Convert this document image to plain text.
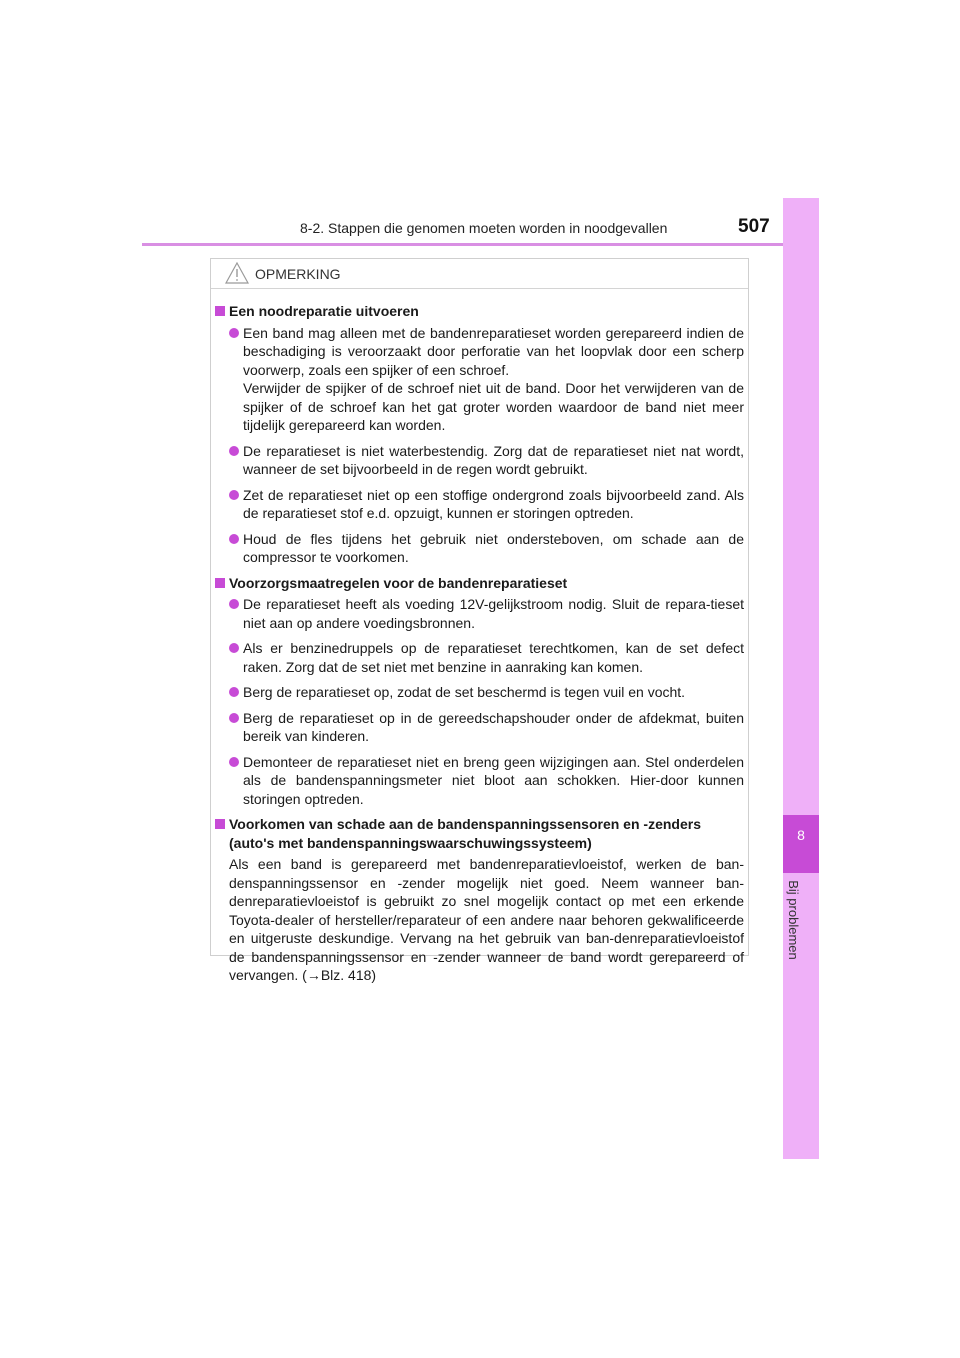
8-2. Stappen die genomen moeten worden in noodgevallen	507
8
Bij problemen
OPMERKING
Een noodreparatie uitvoeren

Een band mag alleen met de bandenreparatieset worden gerepareerd indien de beschadiging is veroorzaakt door perforatie van het loopvlak door een scherp voorwerp, zoals een spijker of een schroef.

Verwijder de spijker of de schroef niet uit de band. Door het verwijderen van de spijker of de schroef kan het gat groter worden waardoor de band niet meer tijdelijk gerepareerd kan worden.

De reparatieset is niet waterbestendig. Zorg dat de reparatieset niet nat wordt, wanneer de set bijvoorbeeld in de regen wordt gebruikt.

Zet de reparatieset niet op een stoffige ondergrond zoals bijvoorbeeld zand. Als de reparatieset stof e.d. opzuigt, kunnen er storingen optreden.

Houd de fles tijdens het gebruik niet ondersteboven, om schade aan de compressor te voorkomen.

Voorzorgsmaatregelen voor de bandenreparatieset

De reparatieset heeft als voeding 12V-gelijkstroom nodig. Sluit de repara-tieset niet aan op andere voedingsbronnen.

Als er benzinedruppels op de reparatieset terechtkomen, kan de set defect raken. Zorg dat de set niet met benzine in aanraking kan komen.

Berg de reparatieset op, zodat de set beschermd is tegen vuil en vocht.

Berg de reparatieset op in de gereedschapshouder onder de afdekmat, buiten bereik van kinderen.

Demonteer de reparatieset niet en breng geen wijzigingen aan. Stel onderdelen als de bandenspanningsmeter niet bloot aan schokken. Hier-door kunnen storingen optreden.

Voorkomen van schade aan de bandenspanningssensoren en -zenders (auto's met bandenspanningswaarschuwingssysteem)

Als een band is gerepareerd met bandenreparatievloeistof, werken de ban-denspanningssensor en -zender mogelijk niet goed. Neem wanneer ban-denreparatievloeistof is gebruikt zo snel mogelijk contact op met een erkende Toyota-dealer of hersteller/reparateur of een andere naar behoren gekwalificeerde en uitgeruste deskundige. Vervang na het gebruik van ban-denreparatievloeistof de bandenspanningssensor en -zender wanneer de band wordt gerepareerd of vervangen. (→Blz. 418)
